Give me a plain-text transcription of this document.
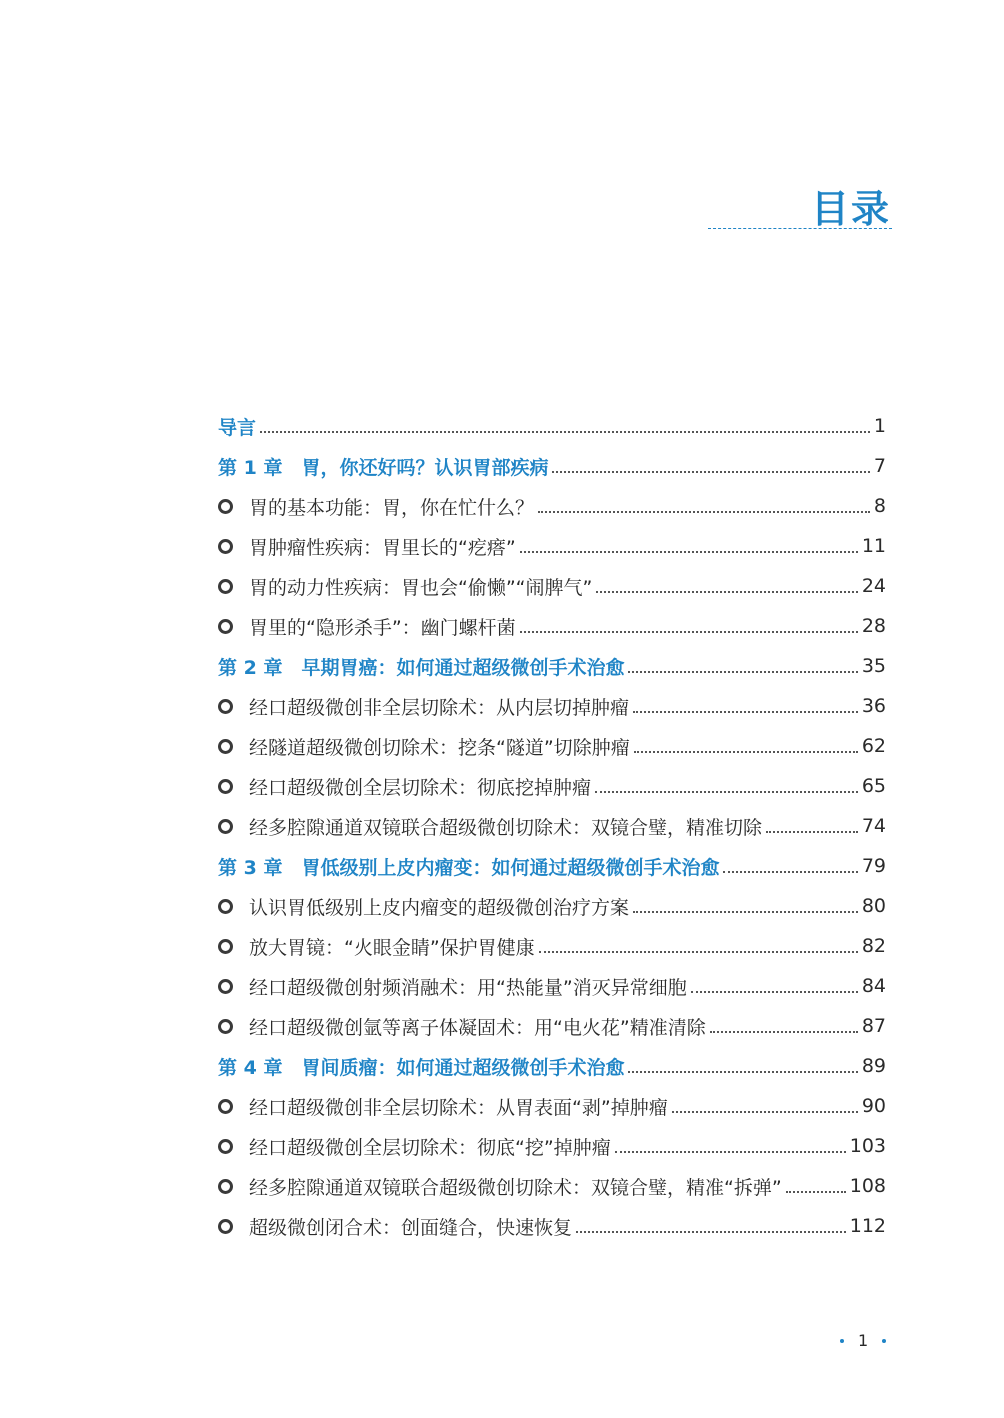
目录
导言	1
第 1 章　胃，你还好吗？认识胃部疾病	7
胃的基本功能：胃，你在忙什么？	8
胃肿瘤性疾病：胃里长的“疙瘩”	11
胃的动力性疾病：胃也会“偷懒”“闹脾气”	24
胃里的“隐形杀手”：幽门螺杆菌	28
第 2 章　早期胃癌：如何通过超级微创手术治愈	35
经口超级微创非全层切除术：从内层切掉肿瘤	36
经隧道超级微创切除术：挖条“隧道”切除肿瘤	62
经口超级微创全层切除术：彻底挖掉肿瘤	65
经多腔隙通道双镜联合超级微创切除术：双镜合璧，精准切除	74
第 3 章　胃低级别上皮内瘤变：如何通过超级微创手术治愈	79
认识胃低级别上皮内瘤变的超级微创治疗方案	80
放大胃镜：“火眼金睛”保护胃健康	82
经口超级微创射频消融术：用“热能量”消灭异常细胞	84
经口超级微创氩等离子体凝固术：用“电火花”精准清除	87
第 4 章　胃间质瘤：如何通过超级微创手术治愈	89
经口超级微创非全层切除术：从胃表面“剥”掉肿瘤	90
经口超级微创全层切除术：彻底“挖”掉肿瘤	103
经多腔隙通道双镜联合超级微创切除术：双镜合璧，精准“拆弹”	108
超级微创闭合术：创面缝合，快速恢复	112
1
